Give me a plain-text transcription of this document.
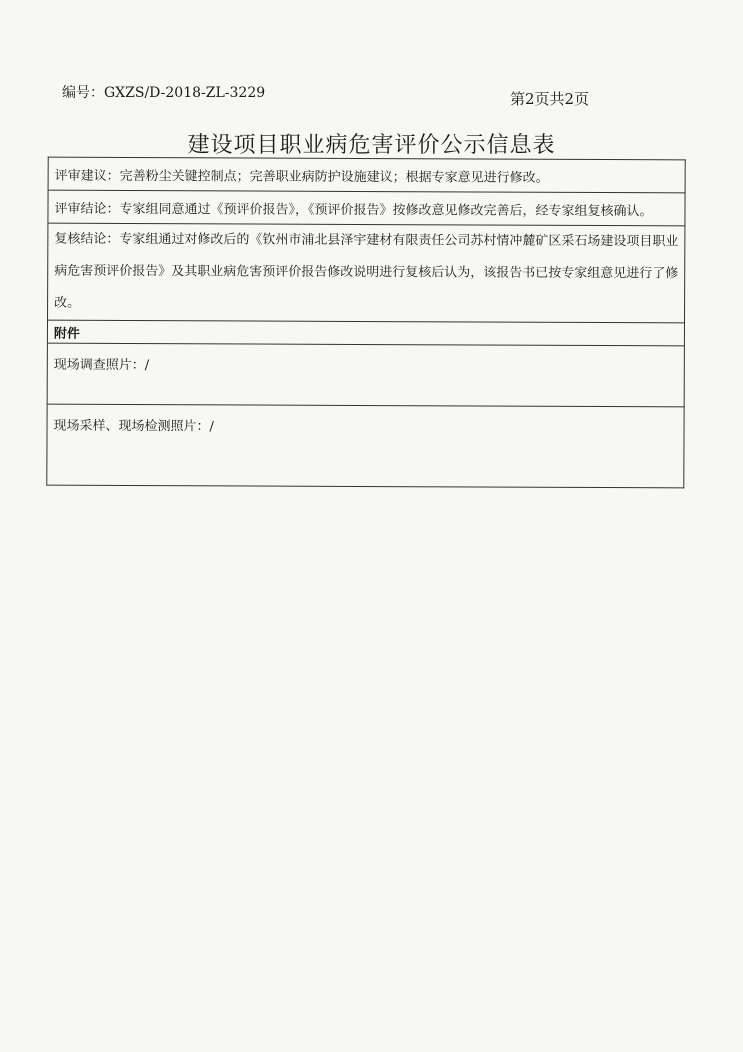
编号：GXZS/D-2018-ZL-3229	第2页共2页
建设项目职业病危害评价公示信息表
评审建议：完善粉尘关键控制点；完善职业病防护设施建议；根据专家意见进行修改。
评审结论：专家组同意通过《预评价报告》，《预评价报告》按修改意见修改完善后，经专家组复核确认。
复核结论：专家组通过对修改后的《钦州市浦北县泽宇建材有限责任公司苏村情冲麓矿区采石场建设项目职业病危害预评价报告》及其职业病危害预评价报告修改说明进行复核后认为，该报告书已按专家组意见进行了修改。
附件
现场调查照片：/
现场采样、现场检测照片：/
